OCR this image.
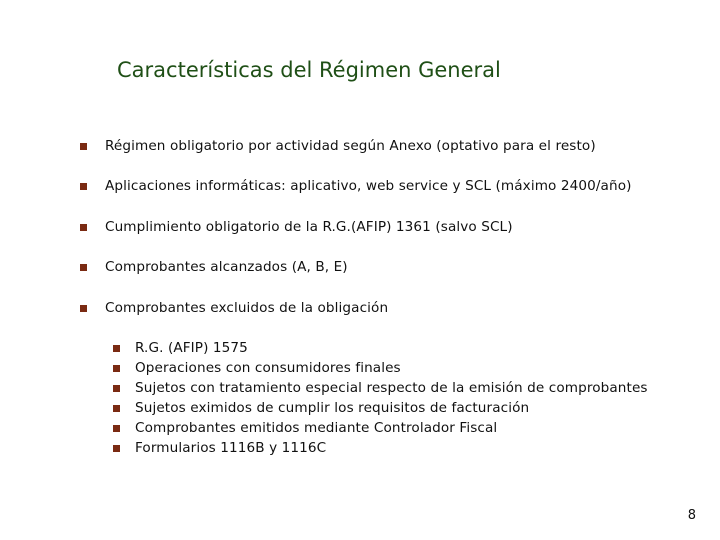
Características del Régimen General
Régimen obligatorio por actividad según Anexo (optativo para el resto)
Aplicaciones informáticas: aplicativo, web service y SCL (máximo 2400/año)
Cumplimiento obligatorio de la R.G.(AFIP) 1361 (salvo SCL)
Comprobantes alcanzados (A, B, E)
Comprobantes excluidos de la obligación
R.G. (AFIP) 1575
Operaciones con consumidores finales
Sujetos con tratamiento especial respecto de la emisión de comprobantes
Sujetos eximidos de cumplir los requisitos de facturación
Comprobantes emitidos mediante Controlador Fiscal
Formularios 1116B y 1116C
8
